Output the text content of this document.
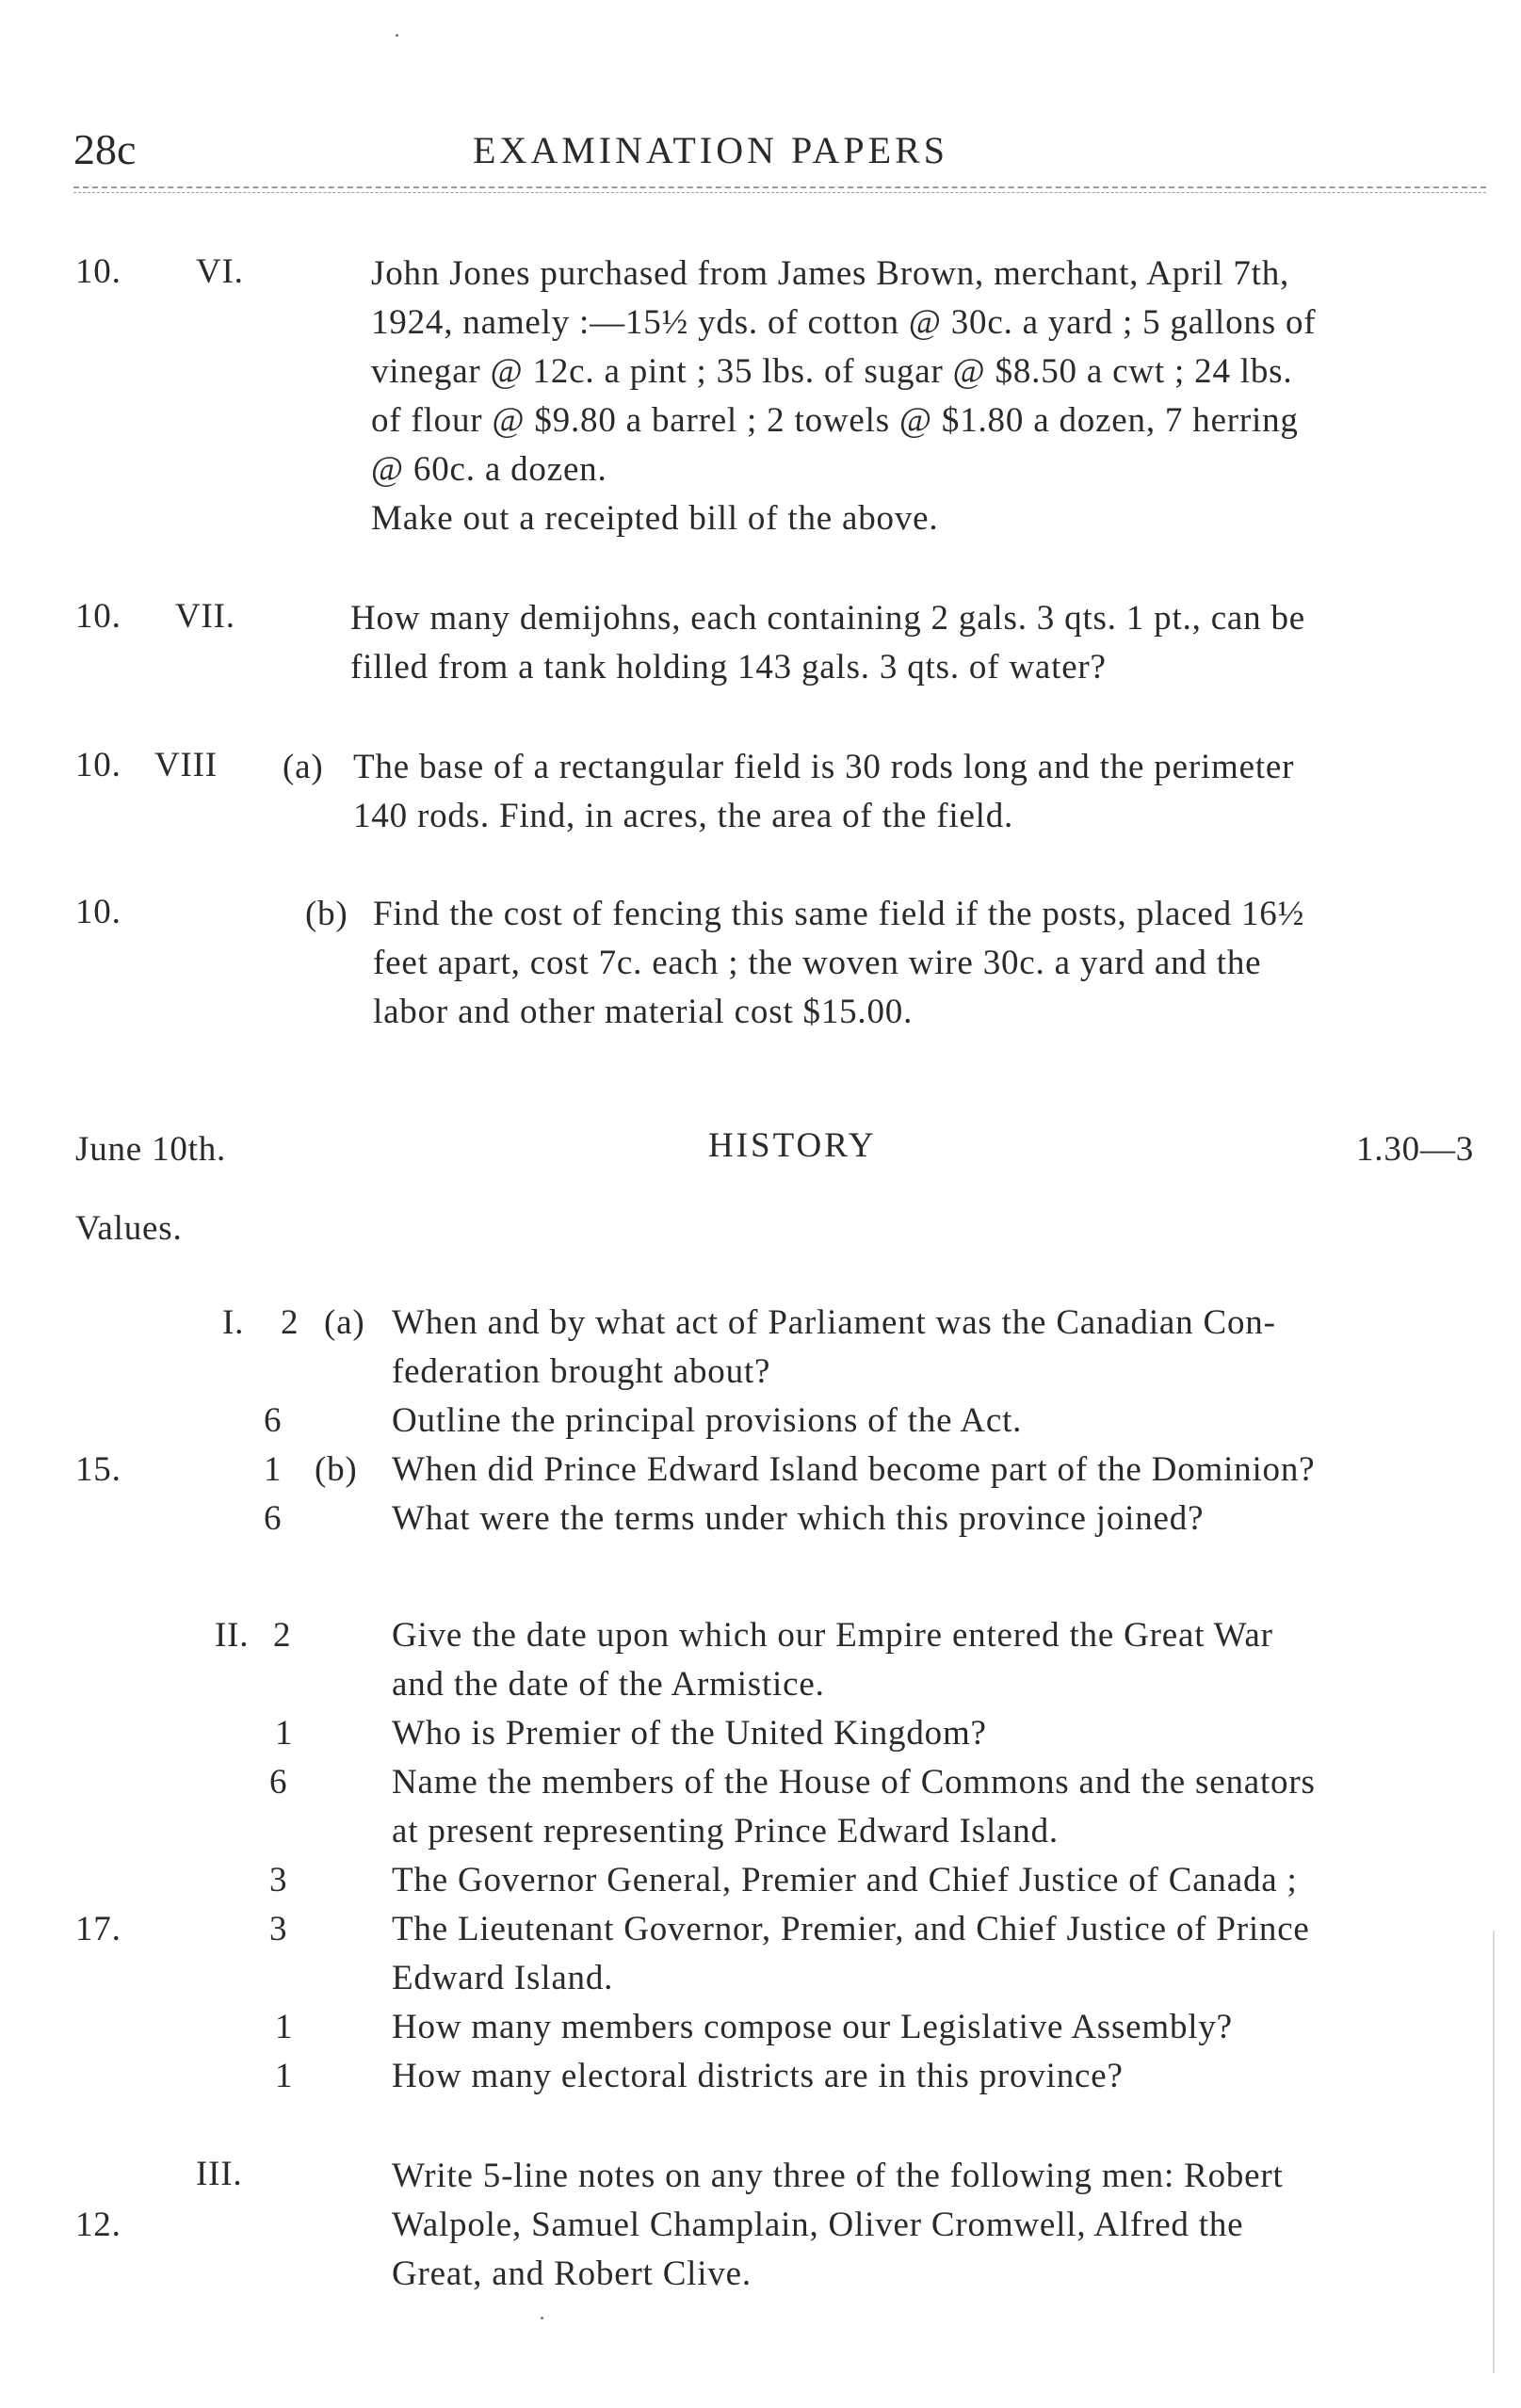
28c	EXAMINATION PAPERS
10. VI.	John Jones purchased from James Brown, merchant, April 7th,
1924, namely :—15½ yds. of cotton @ 30c. a yard ; 5 gallons of
vinegar @ 12c. a pint ; 35 lbs. of sugar @ $8.50 a cwt ; 24 lbs.
of flour @ $9.80 a barrel ; 2 towels @ $1.80 a dozen, 7 herring
@ 60c. a dozen.
Make out a receipted bill of the above.
10. VII.	How many demijohns, each containing 2 gals. 3 qts. 1 pt., can be
filled from a tank holding 143 gals. 3 qts. of water?
10. VIII (a) The base of a rectangular field is 30 rods long and the perimeter
140 rods. Find, in acres, the area of the field.
10.	(b) Find the cost of fencing this same field if the posts, placed 16½
feet apart, cost 7c. each ; the woven wire 30c. a yard and the
labor and other material cost $15.00.
June 10th.	HISTORY	1.30—3
Values.
I. 2 (a) When and by what act of Parliament was the Canadian Con-
federation brought about?
6	Outline the principal provisions of the Act.
15.	1 (b) When did Prince Edward Island become part of the Dominion?
6	What were the terms under which this province joined?
II. 2	Give the date upon which our Empire entered the Great War
and the date of the Armistice.
1	Who is Premier of the United Kingdom?
6	Name the members of the House of Commons and the senators
at present representing Prince Edward Island.
3	The Governor General, Premier and Chief Justice of Canada ;
17.	3	The Lieutenant Governor, Premier, and Chief Justice of Prince
Edward Island.
1	How many members compose our Legislative Assembly?
1	How many electoral districts are in this province?
III.	Write 5-line notes on any three of the following men: Robert
12.	Walpole, Samuel Champlain, Oliver Cromwell, Alfred the
Great, and Robert Clive.
